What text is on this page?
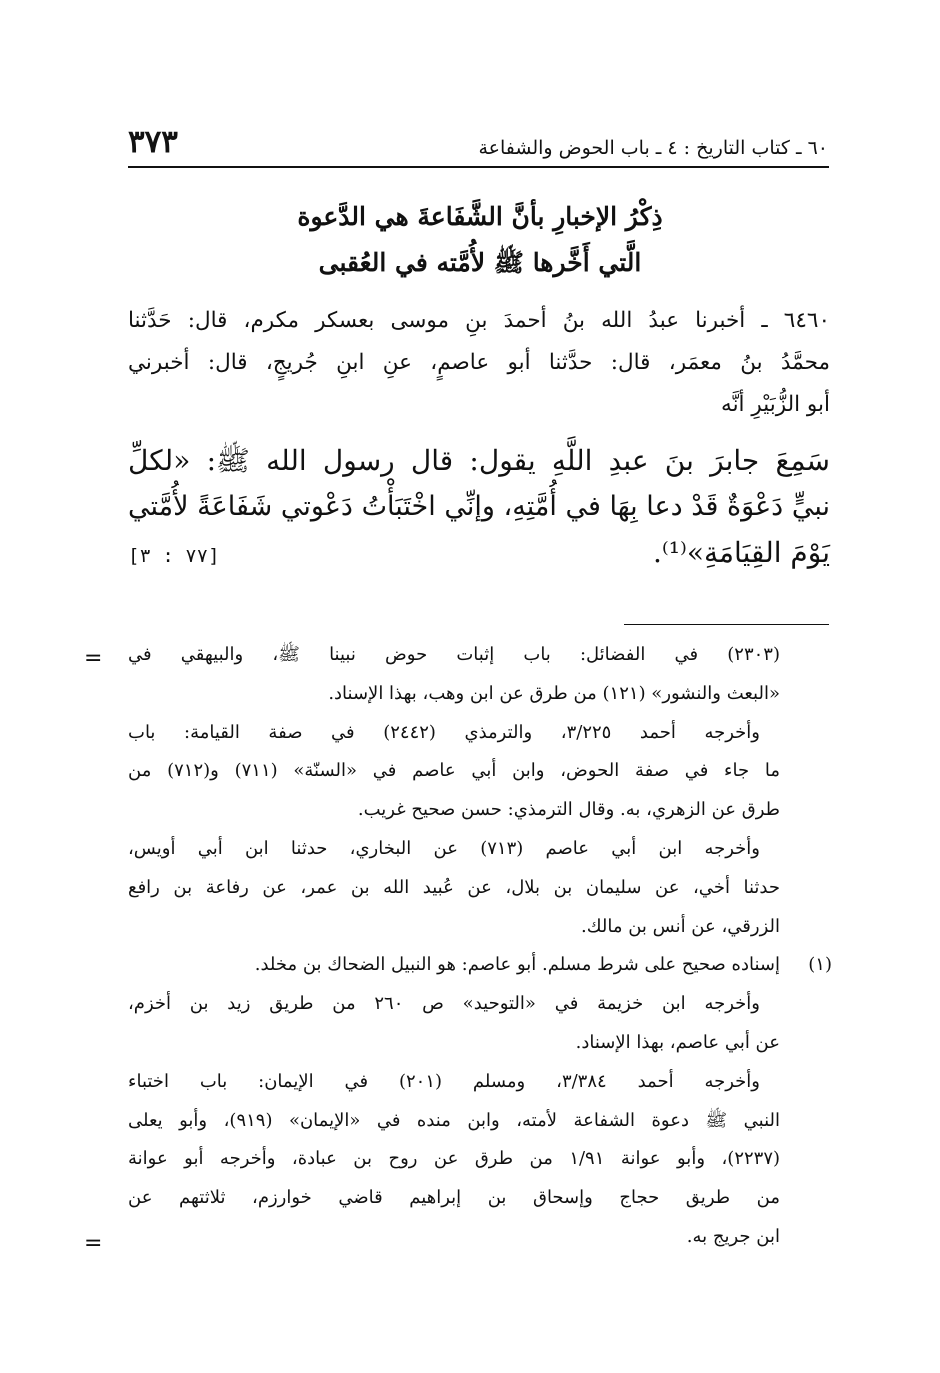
٣٧٣	٦٠ ـ كتاب التاريخ : ٤ ـ باب الحوض والشفاعة
ذِكْرُ الإخبارِ بأنَّ الشَّفَاعةَ هي الدَّعوة
الَّتي أَخَّرها ﷺ لأُمَّته في العُقبى
٦٤٦٠ ـ أخبرنا عبدُ الله بنُ أحمدَ بنِ موسى بعسكر مكرم، قال: حَدَّثنا
محمَّدُ بنُ معمَر، قال: حدَّثنا أبو عاصمٍ، عنِ ابنِ جُريجٍ، قال: أخبرني
أبو الزُّبَيْرِ أنَّه
سَمِعَ جابرَ بنَ عبدِ اللَّهِ يقول: قال رسول الله ﷺ: «لكلِّ
نبيٍّ دَعْوَةٌ قَدْ دعا بِهَا في أُمَّتِهِ، وإنِّي اخْتَبَأْتُ دَعْوتي شَفَاعَةً لأُمَّتي
يَوْمَ القِيَامَةِ»⁽¹⁾.
[٧٧ : ٣]
=
=
(٢٣٠٣) في الفضائل: باب إثبات حوض نبينا ﷺ، والبيهقي في
«البعث والنشور» (١٢١) من طرق عن ابن وهب، بهذا الإسناد.
وأخرجه أحمد ٣/٢٢٥، والترمذي (٢٤٤٢) في صفة القيامة: باب
ما جاء في صفة الحوض، وابن أبي عاصم في «السنّة» (٧١١) و(٧١٢) من
طرق عن الزهري، به. وقال الترمذي: حسن صحيح غريب.
وأخرجه ابن أبي عاصم (٧١٣) عن البخاري، حدثنا ابن أبي أويس،
حدثنا أخي، عن سليمان بن بلال، عن عُبيد الله بن عمر، عن رفاعة بن رافع
الزرقي، عن أنس بن مالك.
(١)
إسناده صحيح على شرط مسلم. أبو عاصم: هو النبيل الضحاك بن مخلد.
وأخرجه ابن خزيمة في «التوحيد» ص ٢٦٠ من طريق زيد بن أخزم،
عن أبي عاصم، بهذا الإسناد.
وأخرجه أحمد ٣/٣٨٤، ومسلم (٢٠١) في الإيمان: باب اختباء
النبي ﷺ دعوة الشفاعة لأمته، وابن منده في «الإيمان» (٩١٩)، وأبو يعلى
(٢٢٣٧)، وأبو عوانة ١/٩١ من طرق عن روح بن عبادة، وأخرجه أبو عوانة
من طريق حجاج وإسحاق بن إبراهيم قاضي خوارزم، ثلاثتهم عن
ابن جريج به.
